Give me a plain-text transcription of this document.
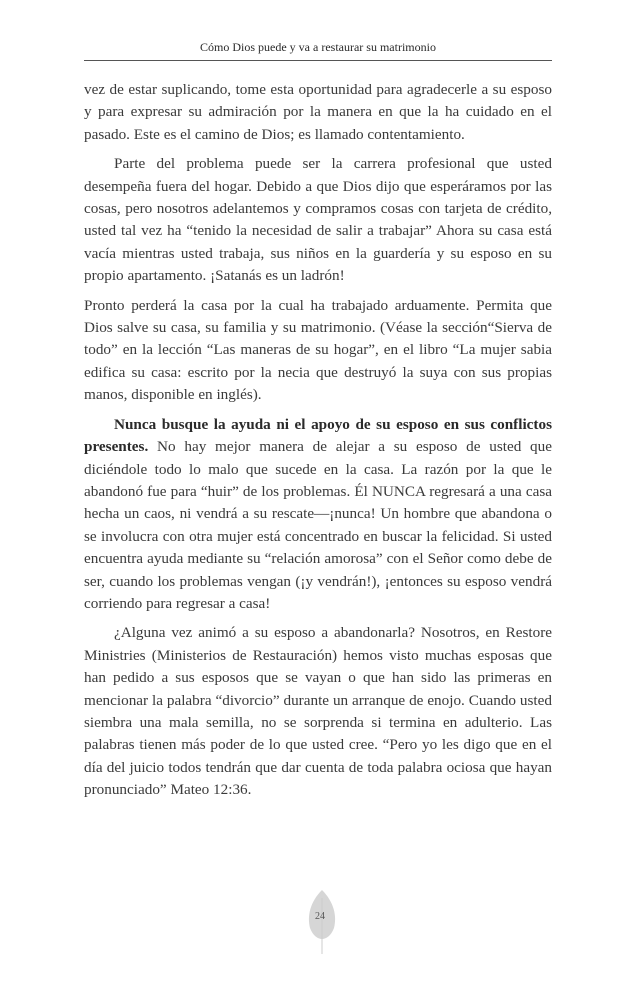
Cómo Dios puede y va a restaurar su matrimonio

vez de estar suplicando, tome esta oportunidad para agradecerle a su esposo y para expresar su admiración por la manera en que la ha cuidado en el pasado. Este es el camino de Dios; es llamado contentamiento.

Parte del problema puede ser la carrera profesional que usted desempeña fuera del hogar. Debido a que Dios dijo que esperáramos por las cosas, pero nosotros adelantemos y compramos cosas con tarjeta de crédito, usted tal vez ha “tenido la necesidad de salir a trabajar” Ahora su casa está vacía mientras usted trabaja, sus niños en la guardería y su esposo en su propio apartamento. ¡Satanás es un ladrón!

Pronto perderá la casa por la cual ha trabajado arduamente. Permita que Dios salve su casa, su familia y su matrimonio. (Véase la sección“Sierva de todo” en la lección “Las maneras de su hogar”, en el libro “La mujer sabia edifica su casa: escrito por la necia que destruyó la suya con sus propias manos, disponible en inglés).

Nunca busque la ayuda ni el apoyo de su esposo en sus conflictos presentes. No hay mejor manera de alejar a su esposo de usted que diciéndole todo lo malo que sucede en la casa. La razón por la que le abandonó fue para “huir” de los problemas. Él NUNCA regresará a una casa hecha un caos, ni vendrá a su rescate—¡nunca! Un hombre que abandona o se involucra con otra mujer está concentrado en buscar la felicidad. Si usted encuentra ayuda mediante su “relación amorosa” con el Señor como debe de ser, cuando los problemas vengan (¡y vendrán!), ¡entonces su esposo vendrá corriendo para regresar a casa!

¿Alguna vez animó a su esposo a abandonarla? Nosotros, en Restore Ministries (Ministerios de Restauración) hemos visto muchas esposas que han pedido a sus esposos que se vayan o que han sido las primeras en mencionar la palabra “divorcio” durante un arranque de enojo. Cuando usted siembra una mala semilla, no se sorprenda si termina en adulterio. Las palabras tienen más poder de lo que usted cree. “Pero yo les digo que en el día del juicio todos tendrán que dar cuenta de toda palabra ociosa que hayan pronunciado” Mateo 12:36.

24
